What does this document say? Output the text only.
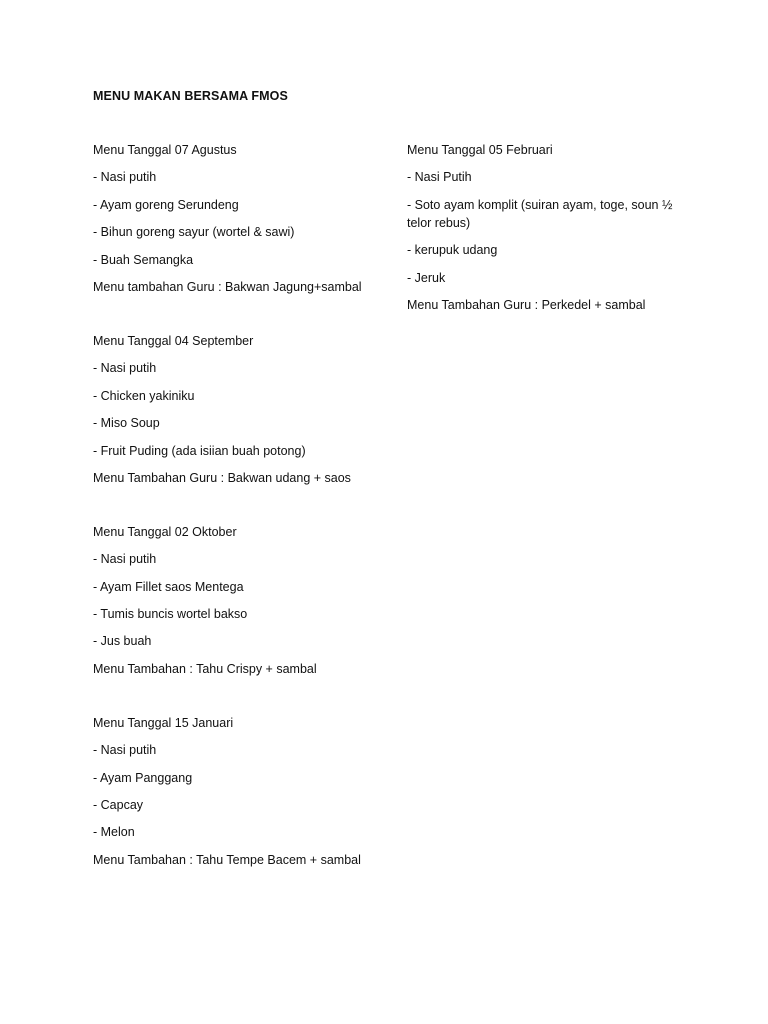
MENU MAKAN BERSAMA FMOS
Menu Tanggal 07 Agustus
- Nasi putih
- Ayam goreng Serundeng
- Bihun goreng sayur (wortel & sawi)
- Buah Semangka
Menu tambahan Guru : Bakwan Jagung+sambal
Menu Tanggal 04 September
- Nasi putih
- Chicken yakiniku
- Miso Soup
- Fruit Puding (ada isiian buah potong)
Menu Tambahan Guru : Bakwan udang + saos
Menu Tanggal 02 Oktober
- Nasi putih
- Ayam Fillet saos Mentega
- Tumis buncis wortel bakso
- Jus buah
Menu Tambahan : Tahu Crispy + sambal
Menu Tanggal 15 Januari
- Nasi putih
- Ayam Panggang
- Capcay
- Melon
Menu Tambahan : Tahu Tempe Bacem + sambal
Menu Tanggal 05 Februari
- Nasi Putih
- Soto ayam komplit (suiran ayam, toge, soun ½ telor rebus)
- kerupuk udang
- Jeruk
Menu Tambahan Guru : Perkedel + sambal
